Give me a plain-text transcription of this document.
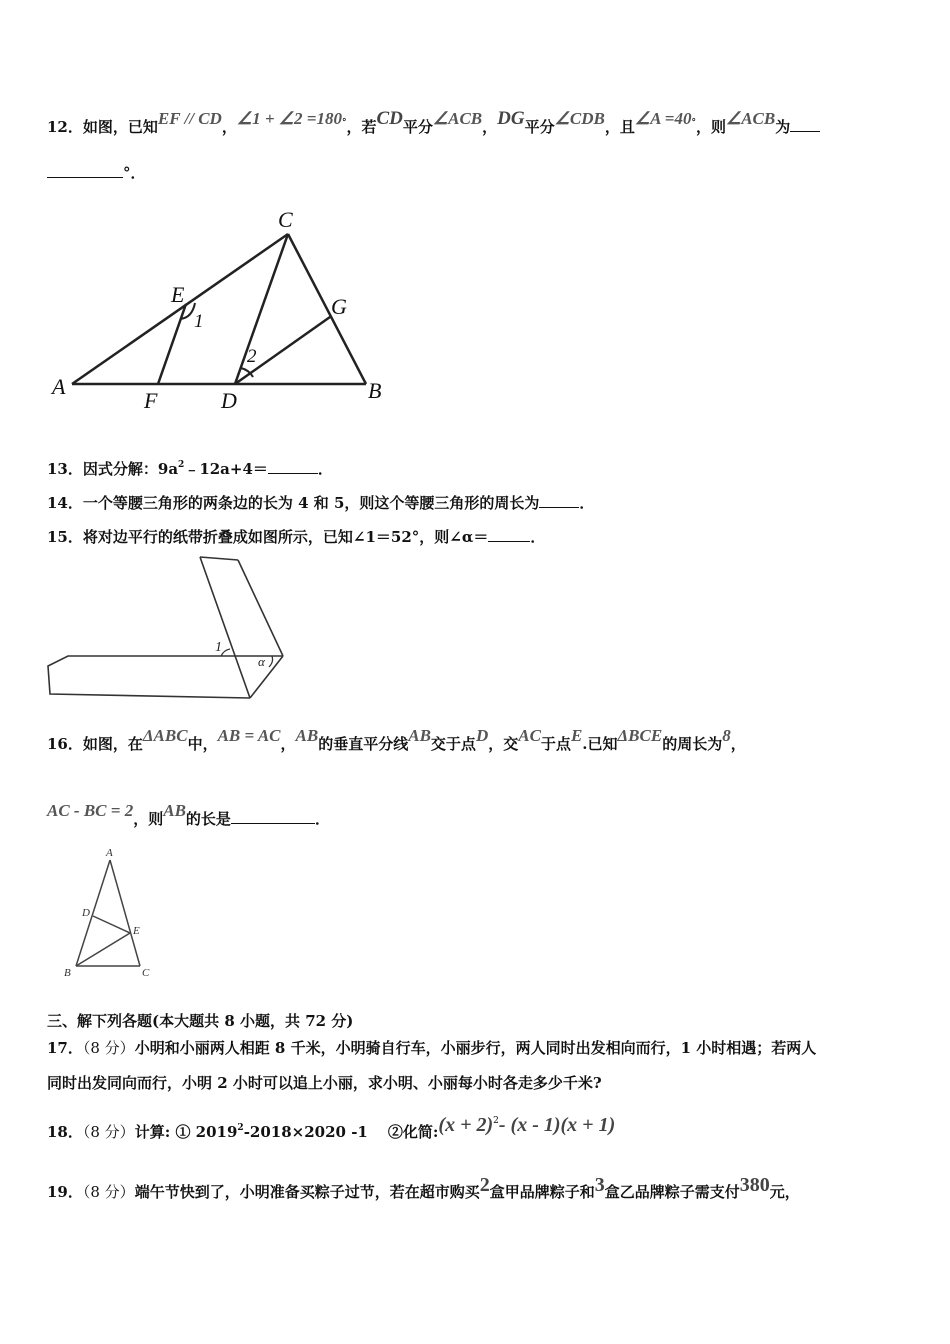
12．如图，已知EF // CD，∠1 + ∠2 =180°，若CD平分∠ACB，DG平分∠CDB，且∠A =40°，则∠ACB为
°．
A	B
C
D
E
F
G
1
2
13．因式分解：$9a^2﹣12a+4=$	．
14．一个等腰三角形的两条边的长为 4 和 5，则这个等腰三角形的周长为	．
15．将对边平行的纸带折叠成如图所示，已知∠1＝52°，则∠α＝	．
1
α
16．如图，在ΔABC中，AB = AC，AB的垂直平分线AB交于点D，交AC于点E.已知ΔBCE的周长为8，
AC - BC = 2，则AB的长是	．
A
B	C
D
E
三、解下列各题(本大题共 8 小题，共 72 分)
17．（8 分）小明和小丽两人相距 8 千米，小明骑自行车，小丽步行，两人同时出发相向而行，1 小时相遇；若两人
同时出发同向而行，小明 2 小时可以追上小丽，求小明、小丽每小时各走多少千米?
18．（8 分）计算: ① $2019^2-2018\times 2020$ -1 ②化简:(x + 2)$^2$- (x - 1)(x + 1)
19．（8 分）端午节快到了，小明准备买粽子过节，若在超市购买2盒甲品牌粽子和3盒乙品牌粽子需支付380元，
